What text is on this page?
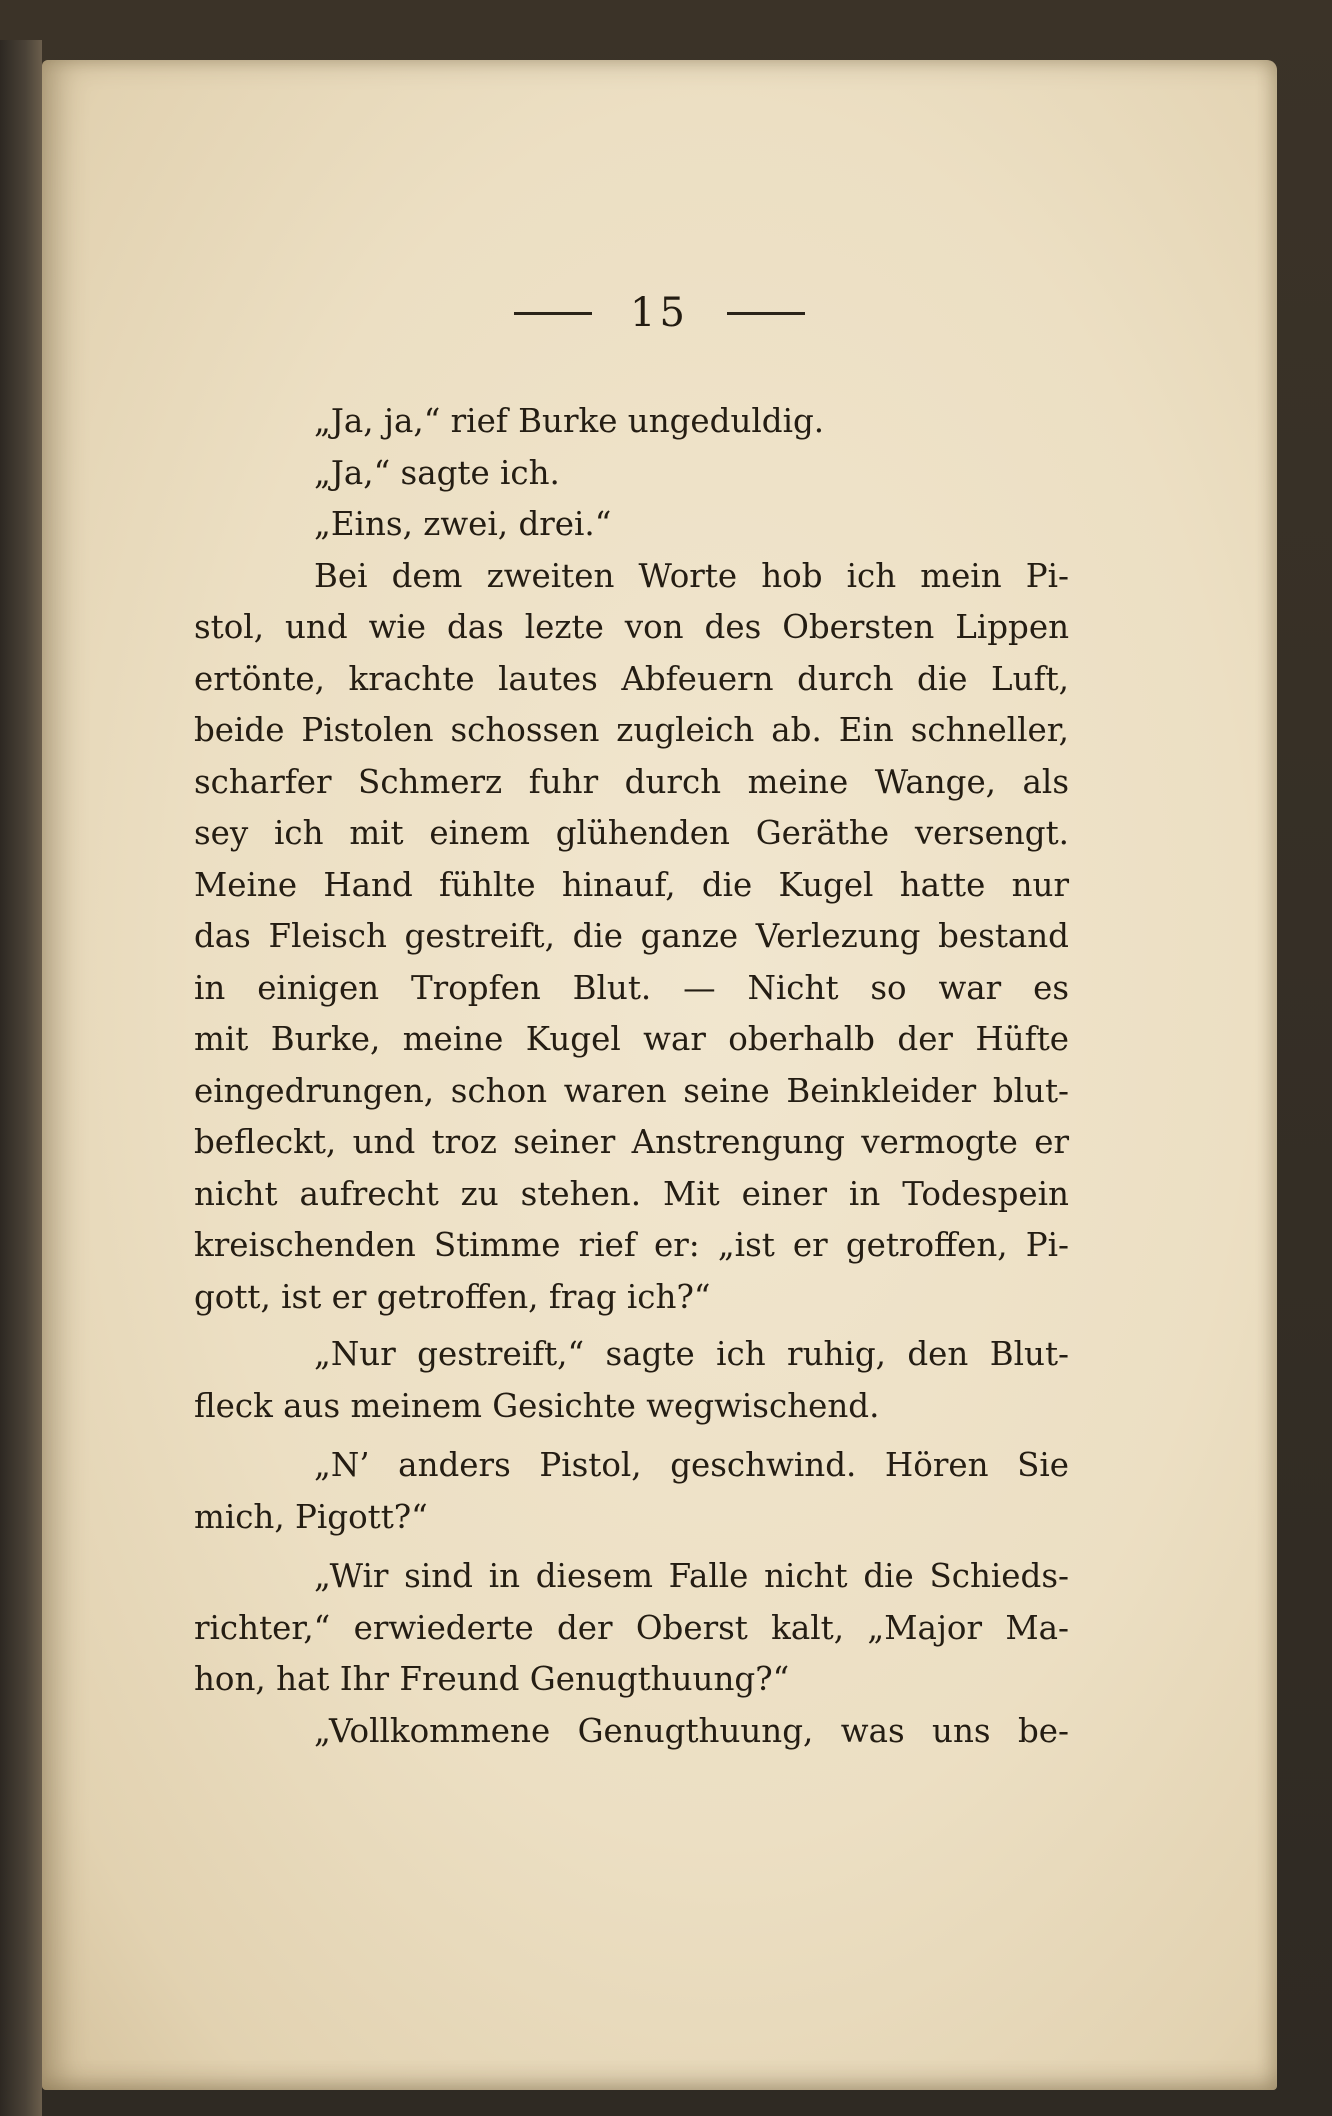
15
„Ja, ja,“ rief Burke ungeduldig.
„Ja,“ sagte ich.
„Eins, zwei, drei.“
Bei dem zweiten Worte hob ich mein Pi-
stol, und wie das lezte von des Obersten Lippen
ertönte, krachte lautes Abfeuern durch die Luft,
beide Pistolen schossen zugleich ab. Ein schneller,
scharfer Schmerz fuhr durch meine Wange, als
sey ich mit einem glühenden Geräthe versengt.
Meine Hand fühlte hinauf, die Kugel hatte nur
das Fleisch gestreift, die ganze Verlezung bestand
in einigen Tropfen Blut. — Nicht so war es
mit Burke, meine Kugel war oberhalb der Hüfte
eingedrungen, schon waren seine Beinkleider blut-
befleckt, und troz seiner Anstrengung vermogte er
nicht aufrecht zu stehen. Mit einer in Todespein
kreischenden Stimme rief er: „ist er getroffen, Pi-
gott, ist er getroffen, frag ich?“
„Nur gestreift,“ sagte ich ruhig, den Blut-
fleck aus meinem Gesichte wegwischend.
„N’ anders Pistol, geschwind. Hören Sie
mich, Pigott?“
„Wir sind in diesem Falle nicht die Schieds-
richter,“ erwiederte der Oberst kalt, „Major Ma-
hon, hat Ihr Freund Genugthuung?“
„Vollkommene Genugthuung, was uns be-
